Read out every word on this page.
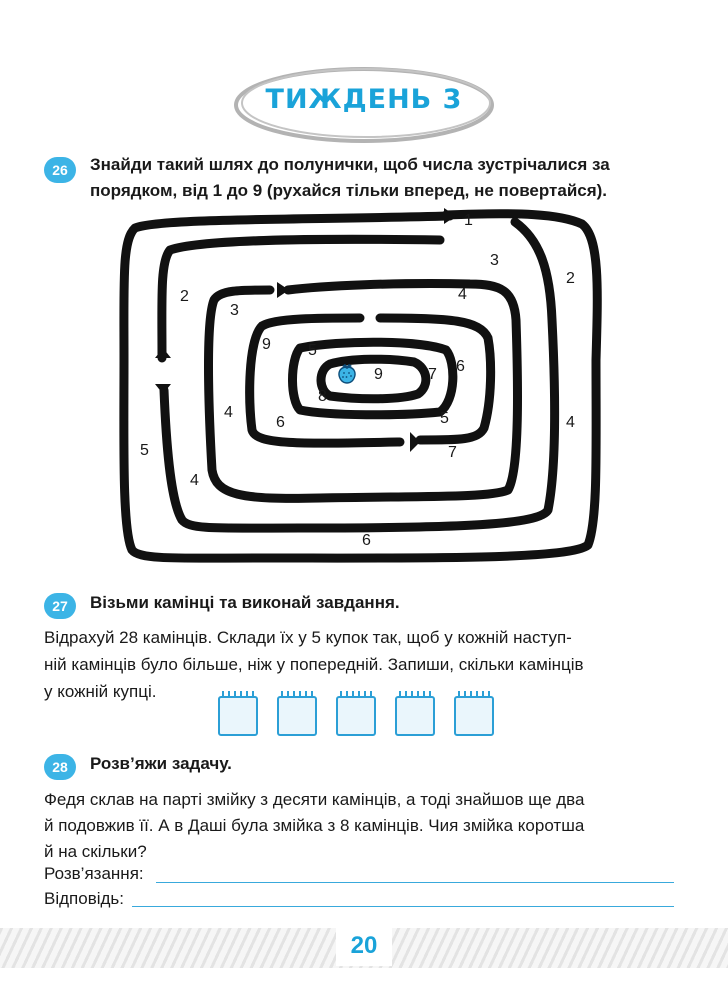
ТИЖДЕНЬ 3
26	Знайди такий шлях до полунички, щоб числа зустрічалися за
порядком, від 1 до 9 (рухайся тільки вперед, не повертайся).
1
2
3
4
2
3
4
9 5
9	7 6
8
4
6	5
4
5	7
6
27	Візьми камінці та виконай завдання.
Відрахуй 28 камінців. Склади їх у 5 купок так, щоб у кожній наступ-
ній камінців було більше, ніж у попередній. Запиши, скільки камінців
у кожній купці.
28	Розв’яжи задачу.
Федя склав на парті змійку з десяти камінців, а тоді знайшов ще два
й подовжив її. А в Даші була змійка з 8 камінців. Чия змійка коротша
й на скільки?
Розв’язання:
Відповідь:
20
